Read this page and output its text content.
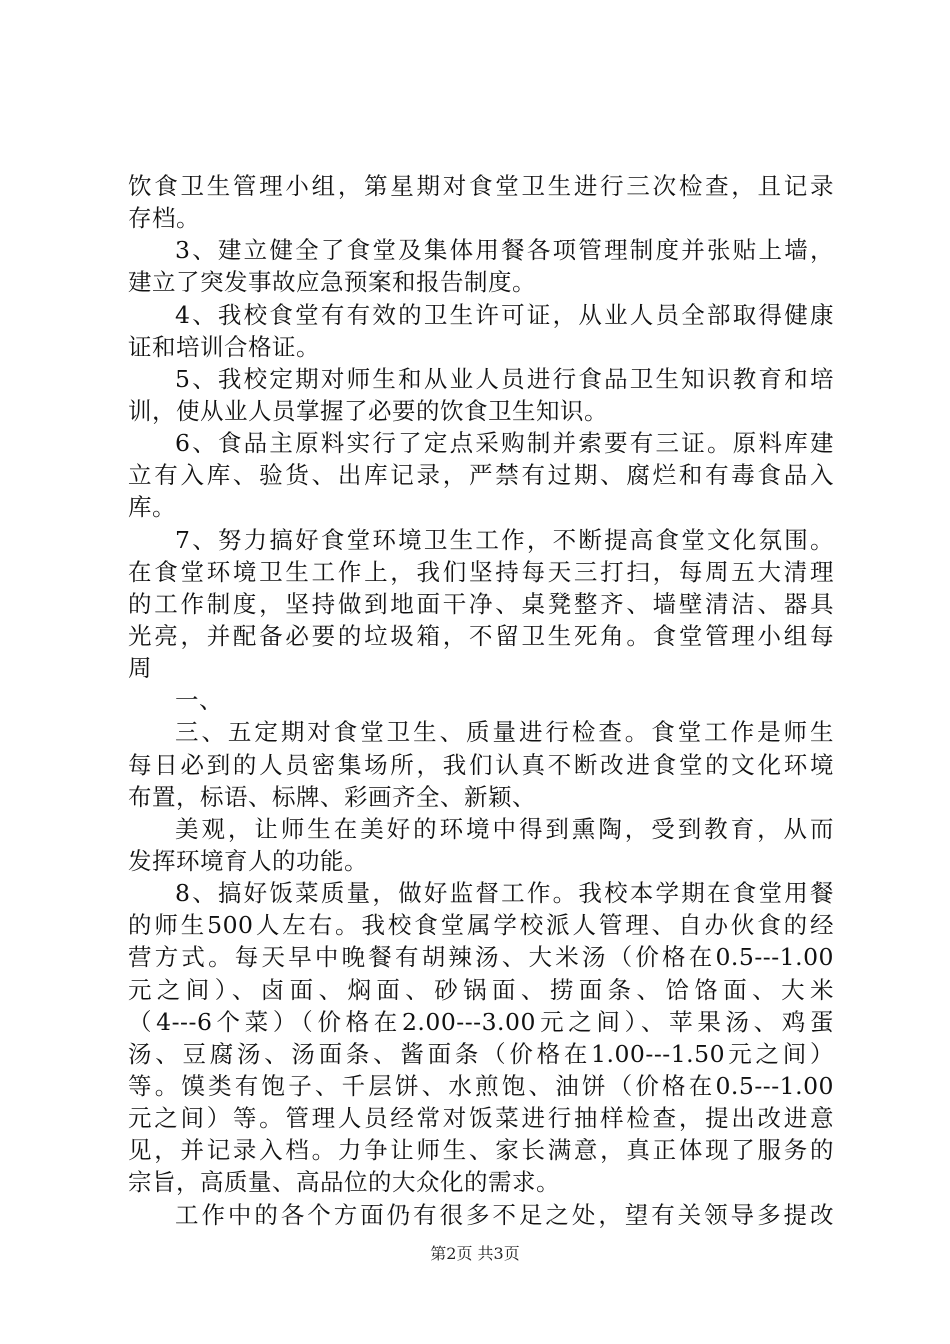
饮食卫生管理小组，第星期对食堂卫生进行三次检查，且记录
存档。
3、建立健全了食堂及集体用餐各项管理制度并张贴上墙，
建立了突发事故应急预案和报告制度。
4、我校食堂有有效的卫生许可证，从业人员全部取得健康
证和培训合格证。
5、我校定期对师生和从业人员进行食品卫生知识教育和培
训，使从业人员掌握了必要的饮食卫生知识。
6、食品主原料实行了定点采购制并索要有三证。原料库建
立有入库、验货、出库记录，严禁有过期、腐烂和有毒食品入
库。
7、努力搞好食堂环境卫生工作，不断提高食堂文化氛围。
在食堂环境卫生工作上，我们坚持每天三打扫，每周五大清理
的工作制度，坚持做到地面干净、桌凳整齐、墙壁清洁、器具
光亮，并配备必要的垃圾箱，不留卫生死角。食堂管理小组每
周
一、
三、五定期对食堂卫生、质量进行检查。食堂工作是师生
每日必到的人员密集场所，我们认真不断改进食堂的文化环境
布置，标语、标牌、彩画齐全、新颖、
美观，让师生在美好的环境中得到熏陶，受到教育，从而
发挥环境育人的功能。
8、搞好饭菜质量，做好监督工作。我校本学期在食堂用餐
的师生500人左右。我校食堂属学校派人管理、自办伙食的经
营方式。每天早中晚餐有胡辣汤、大米汤（价格在0.5---1.00
元之间）、卤面、焖面、砂锅面、捞面条、饸饹面、大米
（4---6个菜）（价格在2.00---3.00元之间）、苹果汤、鸡蛋
汤、豆腐汤、汤面条、酱面条（价格在1.00---1.50元之间）
等。馍类有饱子、千层饼、水煎饱、油饼（价格在0.5---1.00
元之间）等。管理人员经常对饭菜进行抽样检查，提出改进意
见，并记录入档。力争让师生、家长满意，真正体现了服务的
宗旨，高质量、高品位的大众化的需求。
工作中的各个方面仍有很多不足之处，望有关领导多提改
第2页 共3页
